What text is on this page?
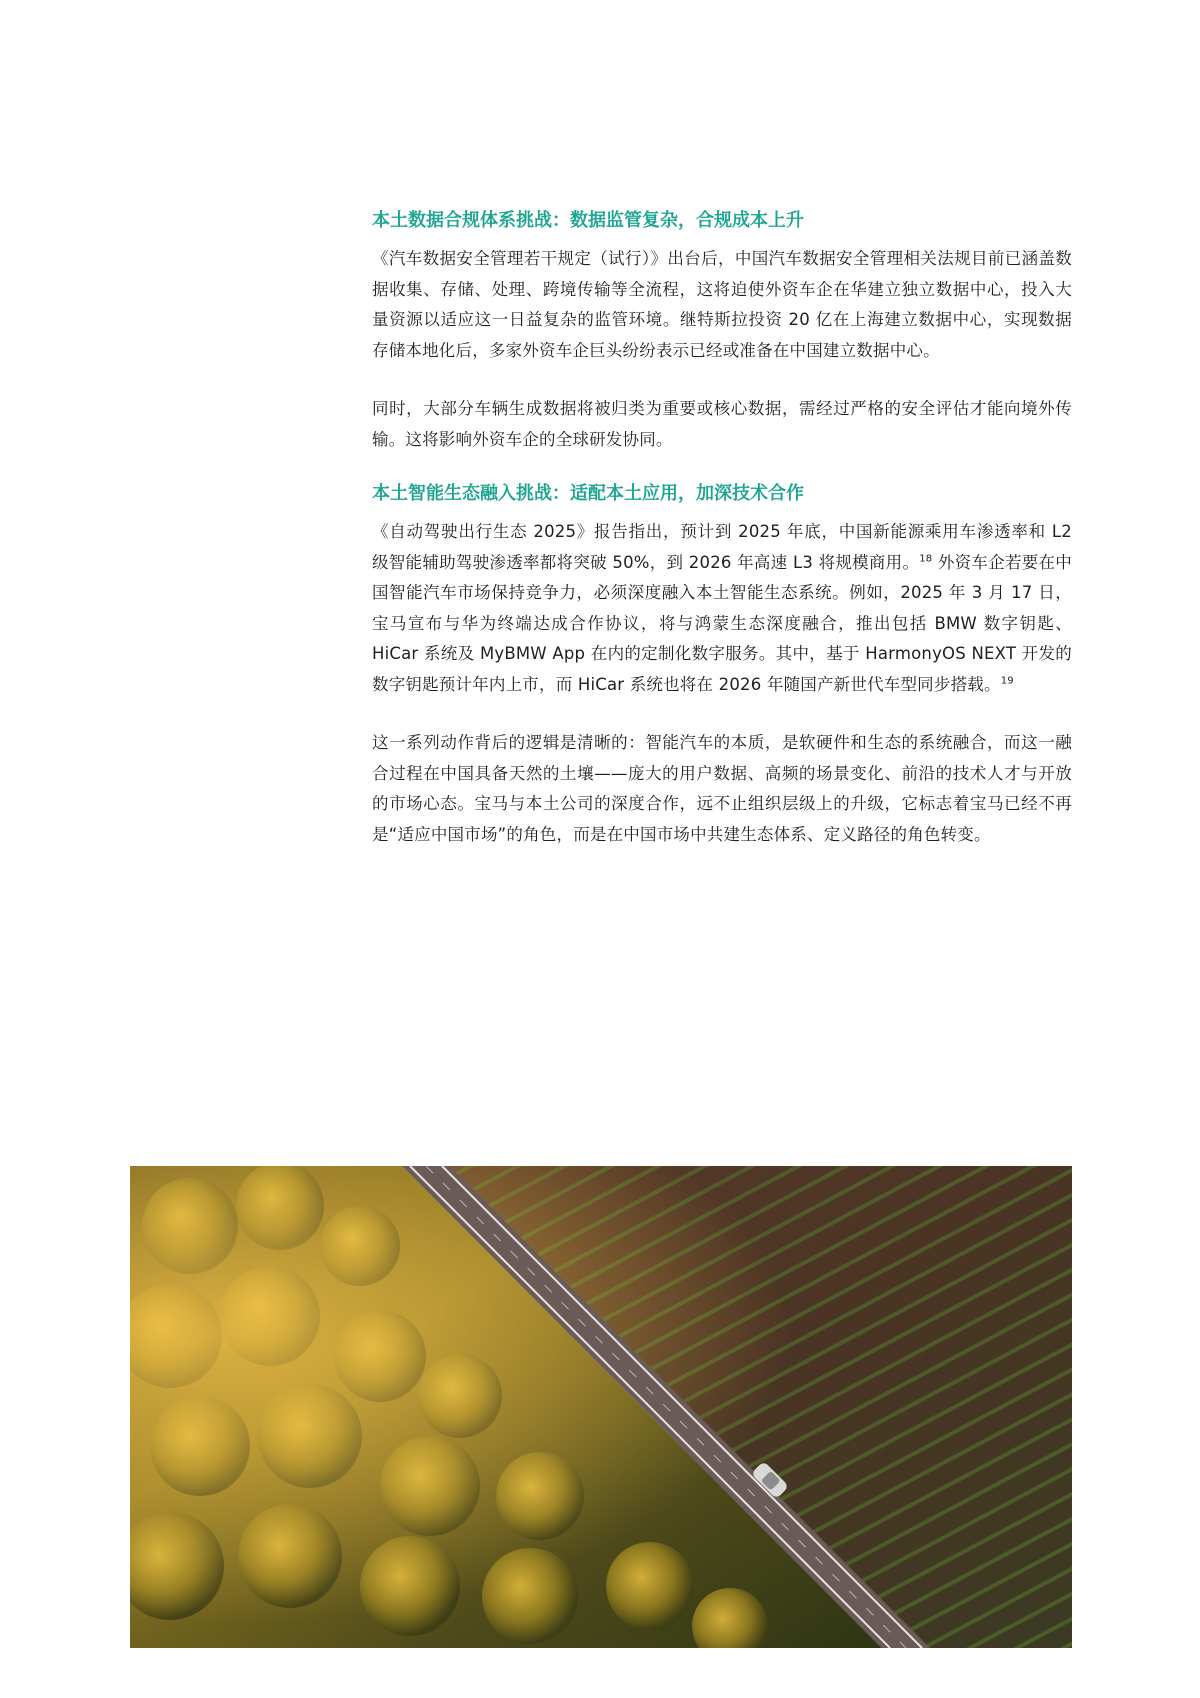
本土数据合规体系挑战：数据监管复杂，合规成本上升

《汽车数据安全管理若干规定（试行）》出台后，中国汽车数据安全管理相关法规目前已涵盖数据收集、存储、处理、跨境传输等全流程，这将迫使外资车企在华建立独立数据中心，投入大量资源以适应这一日益复杂的监管环境。继特斯拉投资 20 亿在上海建立数据中心，实现数据存储本地化后，多家外资车企巨头纷纷表示已经或准备在中国建立数据中心。

同时，大部分车辆生成数据将被归类为重要或核心数据，需经过严格的安全评估才能向境外传输。这将影响外资车企的全球研发协同。

本土智能生态融入挑战：适配本土应用，加深技术合作

《自动驾驶出行生态 2025》报告指出，预计到 2025 年底，中国新能源乘用车渗透率和 L2 级智能辅助驾驶渗透率都将突破 50%，到 2026 年高速 L3 将规模商用。$^{18}$ 外资车企若要在中国智能汽车市场保持竞争力，必须深度融入本土智能生态系统。例如，2025 年 3 月 17 日，宝马宣布与华为终端达成合作协议，将与鸿蒙生态深度融合，推出包括 BMW 数字钥匙、HiCar 系统及 MyBMW App 在内的定制化数字服务。其中，基于 HarmonyOS NEXT 开发的数字钥匙预计年内上市，而 HiCar 系统也将在 2026 年随国产新世代车型同步搭载。$^{19}$

这一系列动作背后的逻辑是清晰的：智能汽车的本质，是软硬件和生态的系统融合，而这一融合过程在中国具备天然的土壤——庞大的用户数据、高频的场景变化、前沿的技术人才与开放的市场心态。宝马与本土公司的深度合作，远不止组织层级上的升级，它标志着宝马已经不再是“适应中国市场”的角色，而是在中国市场中共建生态体系、定义路径的角色转变。
